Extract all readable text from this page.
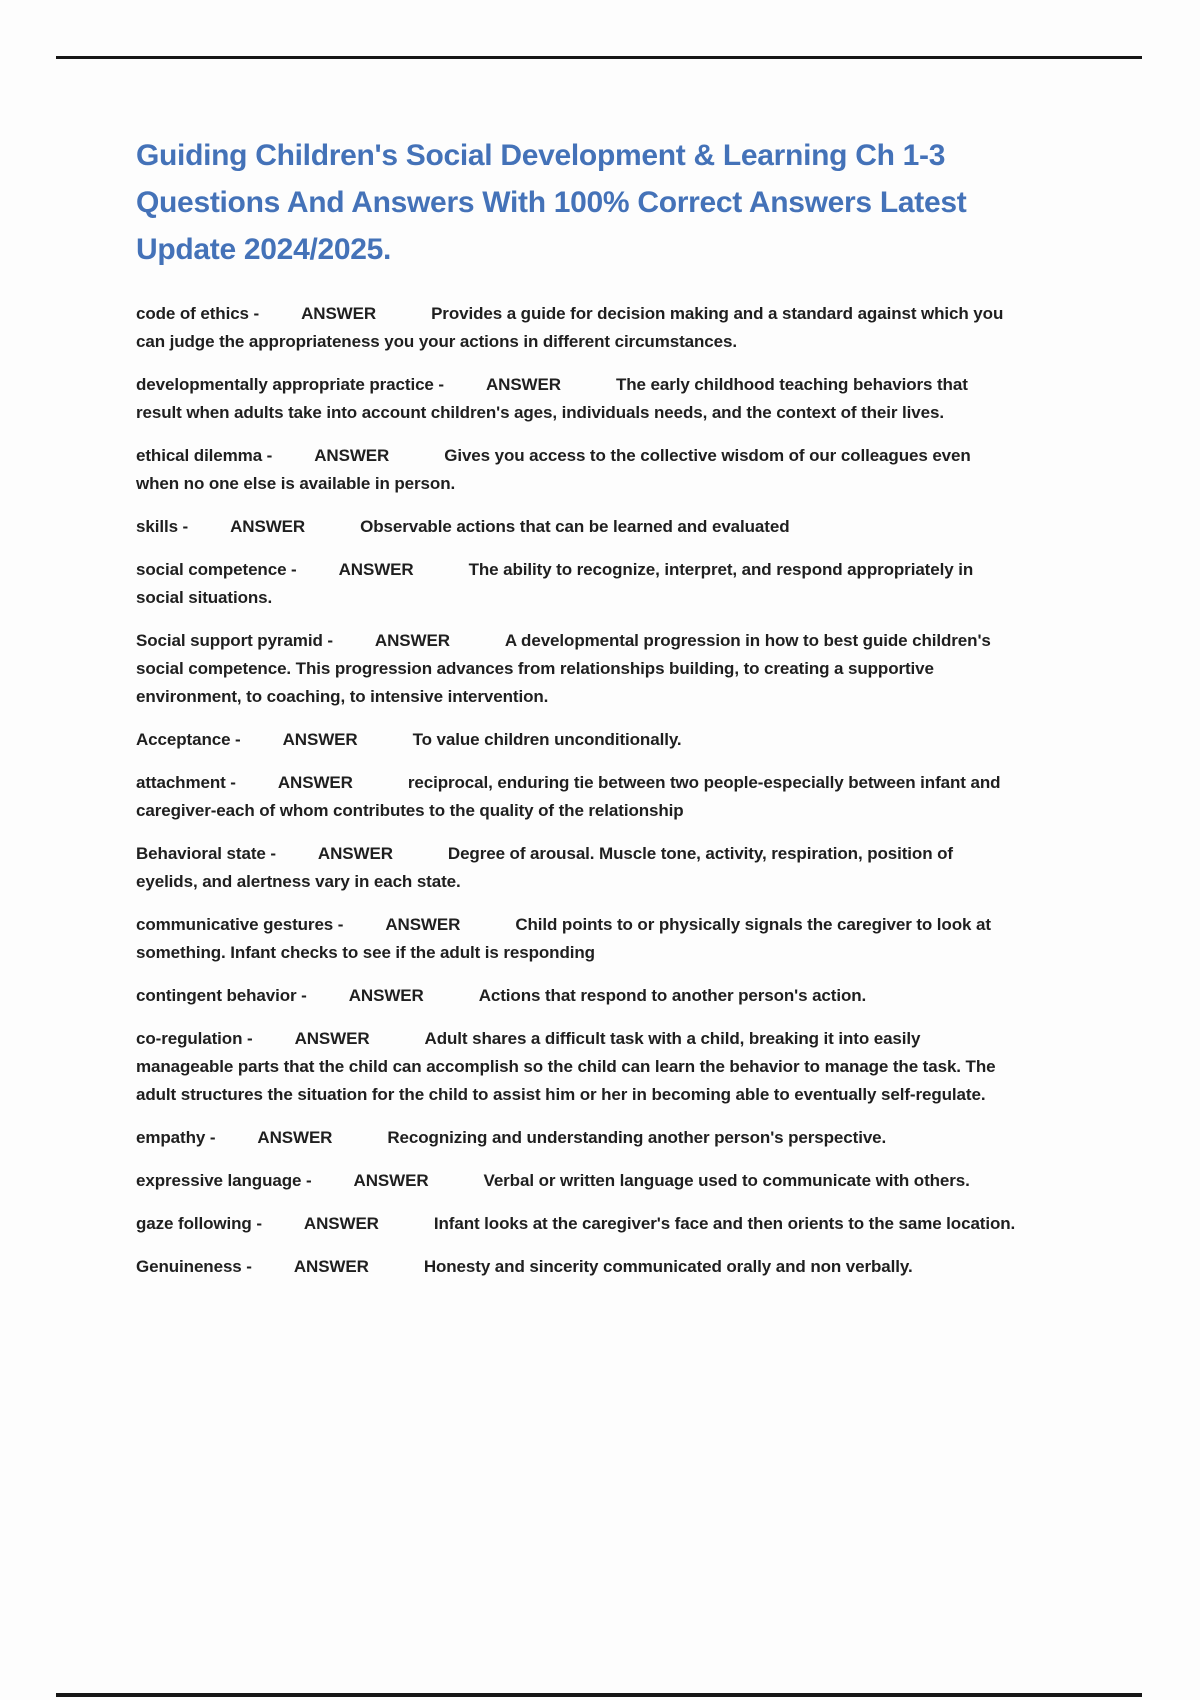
Guiding Children's Social Development & Learning Ch 1-3 Questions And Answers With 100% Correct Answers Latest Update 2024/2025.

code of ethics - ANSWER	Provides a guide for decision making and a standard against which you can judge the appropriateness you your actions in different circumstances.

developmentally appropriate practice - ANSWER	The early childhood teaching behaviors that result when adults take into account children's ages, individuals needs, and the context of their lives.

ethical dilemma - ANSWER	Gives you access to the collective wisdom of our colleagues even when no one else is available in person.

skills - ANSWER	Observable actions that can be learned and evaluated

social competence - ANSWER	The ability to recognize, interpret, and respond appropriately in social situations.

Social support pyramid - ANSWER	A developmental progression in how to best guide children's social competence. This progression advances from relationships building, to creating a supportive environment, to coaching, to intensive intervention.

Acceptance - ANSWER	To value children unconditionally.

attachment - ANSWER	reciprocal, enduring tie between two people-especially between infant and caregiver-each of whom contributes to the quality of the relationship

Behavioral state - ANSWER	Degree of arousal. Muscle tone, activity, respiration, position of eyelids, and alertness vary in each state.

communicative gestures - ANSWER	Child points to or physically signals the caregiver to look at something. Infant checks to see if the adult is responding

contingent behavior - ANSWER	Actions that respond to another person's action.

co-regulation - ANSWER	Adult shares a difficult task with a child, breaking it into easily manageable parts that the child can accomplish so the child can learn the behavior to manage the task. The adult structures the situation for the child to assist him or her in becoming able to eventually self-regulate.

empathy - ANSWER	Recognizing and understanding another person's perspective.

expressive language - ANSWER	Verbal or written language used to communicate with others.

gaze following - ANSWER	Infant looks at the caregiver's face and then orients to the same location.

Genuineness - ANSWER	Honesty and sincerity communicated orally and non verbally.
